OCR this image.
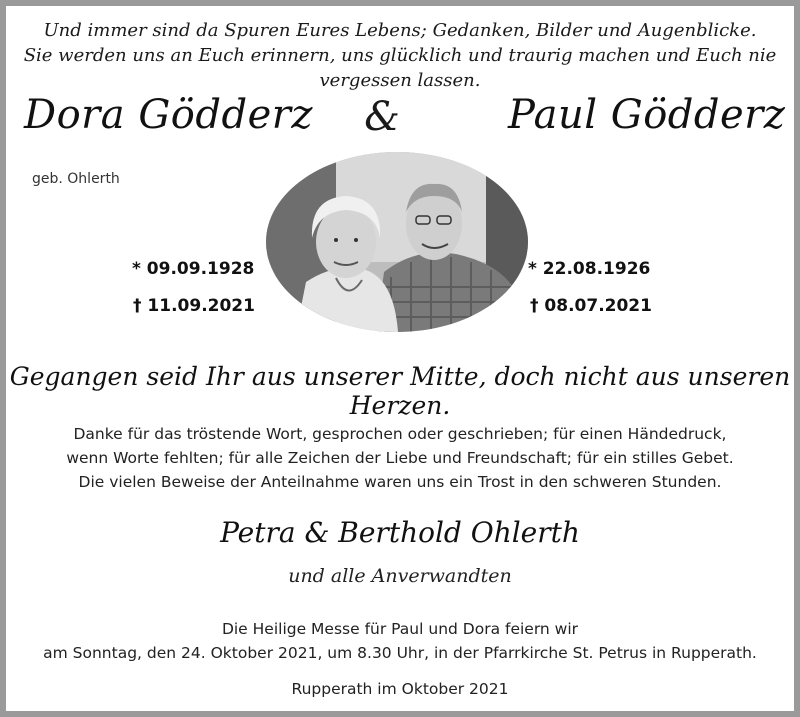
Und immer sind da Spuren Eures Lebens; Gedanken, Bilder und Augenblicke.
Sie werden uns an Euch erinnern, uns glücklich und traurig machen und Euch nie vergessen lassen.
Dora Gödderz	&	Paul Gödderz
geb. Ohlerth
* 09.09.1928
† 11.09.2021
* 22.08.1926
† 08.07.2021
Gegangen seid Ihr aus unserer Mitte, doch nicht aus unseren Herzen.
Danke für das tröstende Wort, gesprochen oder geschrieben; für einen Händedruck,
wenn Worte fehlten; für alle Zeichen der Liebe und Freundschaft; für ein stilles Gebet.
Die vielen Beweise der Anteilnahme waren uns ein Trost in den schweren Stunden.
Petra & Berthold Ohlerth
und alle Anverwandten
Die Heilige Messe für Paul und Dora feiern wir
am Sonntag, den 24. Oktober 2021, um 8.30 Uhr, in der Pfarrkirche St. Petrus in Rupperath.
Rupperath im Oktober 2021
